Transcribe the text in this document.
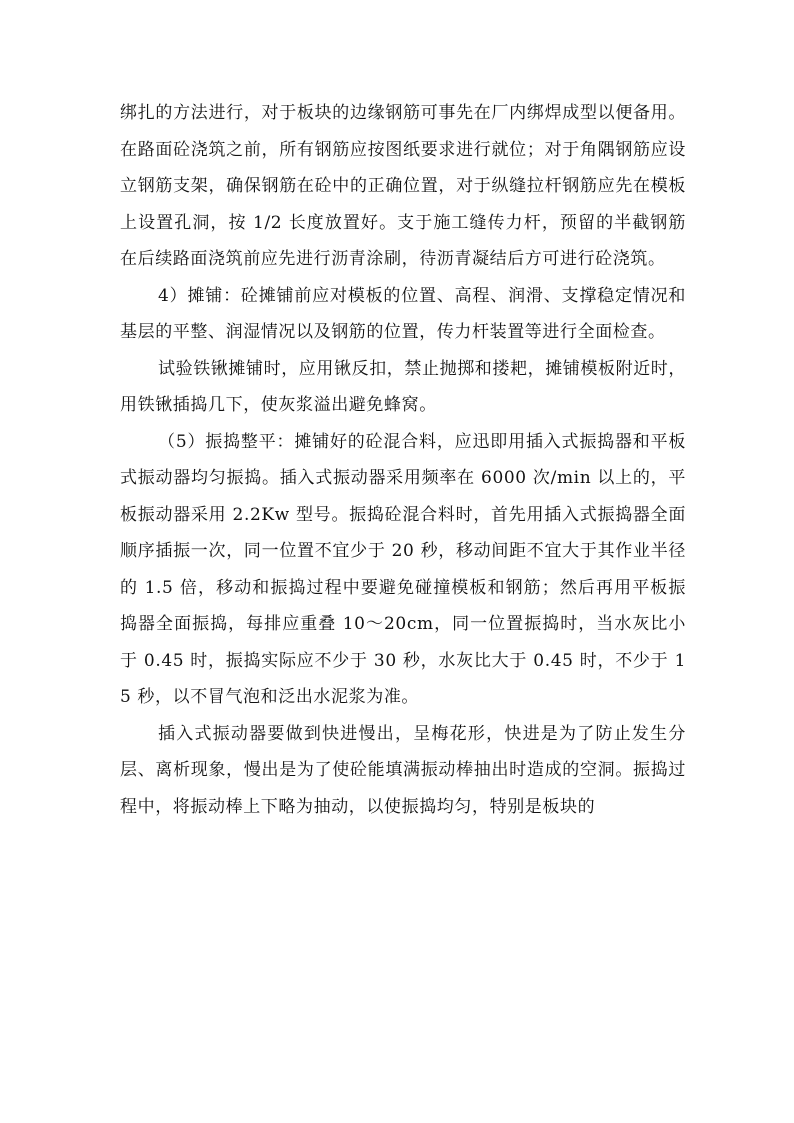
绑扎的方法进行，对于板块的边缘钢筋可事先在厂内绑焊成型以便备用。在路面砼浇筑之前，所有钢筋应按图纸要求进行就位；对于角隅钢筋应设立钢筋支架，确保钢筋在砼中的正确位置，对于纵缝拉杆钢筋应先在模板上设置孔洞，按 1/2 长度放置好。支于施工缝传力杆，预留的半截钢筋在后续路面浇筑前应先进行沥青涂刷，待沥青凝结后方可进行砼浇筑。

4）摊铺：砼摊铺前应对模板的位置、高程、润滑、支撑稳定情况和基层的平整、润湿情况以及钢筋的位置，传力杆装置等进行全面检查。

试验铁锹摊铺时，应用锹反扣，禁止抛掷和搂耙，摊铺模板附近时，用铁锹插捣几下，使灰浆溢出避免蜂窝。

（5）振捣整平：摊铺好的砼混合料，应迅即用插入式振捣器和平板式振动器均匀振捣。插入式振动器采用频率在 6000 次/min 以上的，平板振动器采用 2.2Kw 型号。振捣砼混合料时，首先用插入式振捣器全面顺序插振一次，同一位置不宜少于 20 秒，移动间距不宜大于其作业半径的 1.5 倍，移动和振捣过程中要避免碰撞模板和钢筋；然后再用平板振捣器全面振捣，每排应重叠 10～20cm，同一位置振捣时，当水灰比小于 0.45 时，振捣实际应不少于 30 秒，水灰比大于 0.45 时，不少于 15 秒，以不冒气泡和泛出水泥浆为准。

插入式振动器要做到快进慢出，呈梅花形，快进是为了防止发生分层、离析现象，慢出是为了使砼能填满振动棒抽出时造成的空洞。振捣过程中，将振动棒上下略为抽动，以使振捣均匀，特别是板块的
